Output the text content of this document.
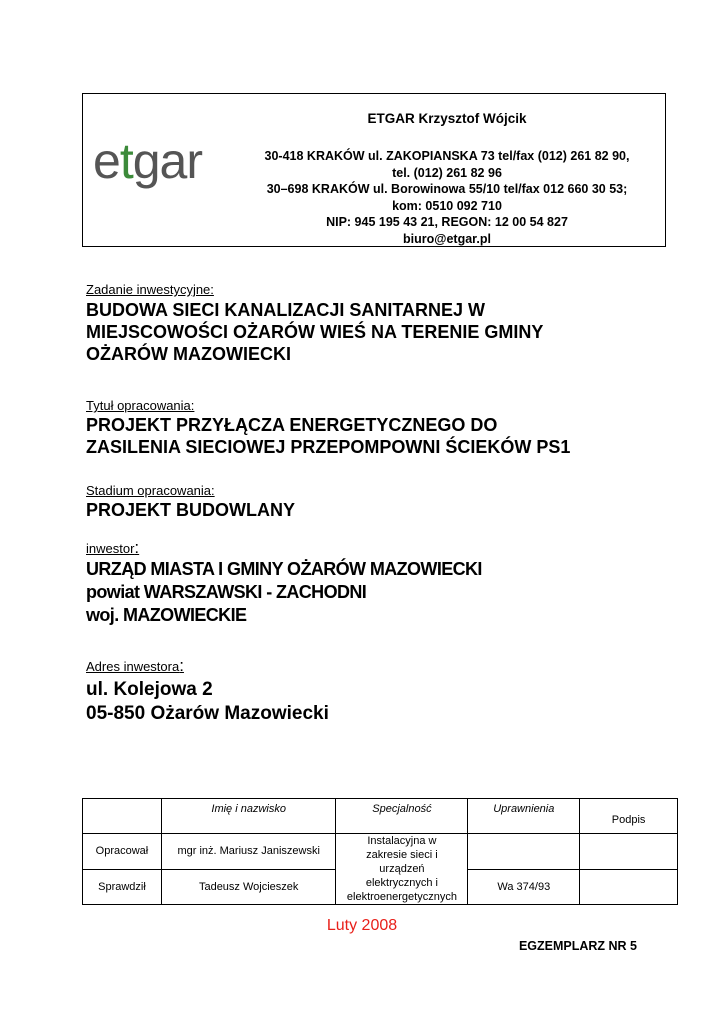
etgar
ETGAR Krzysztof Wójcik
30-418 KRAKÓW ul. ZAKOPIANSKA 73 tel/fax (012) 261 82 90,
tel. (012) 261 82 96
30–698 KRAKÓW ul. Borowinowa 55/10 tel/fax 012 660 30 53;
kom: 0510 092 710
NIP: 945 195 43 21, REGON: 12 00 54 827
biuro@etgar.pl
Zadanie inwestycyjne:
BUDOWA SIECI KANALIZACJI SANITARNEJ W
MIEJSCOWOŚCI OŻARÓW WIEŚ NA TERENIE GMINY
OŻARÓW MAZOWIECKI
Tytuł opracowania:
PROJEKT PRZYŁĄCZA ENERGETYCZNEGO DO
ZASILENIA SIECIOWEJ PRZEPOMPOWNI ŚCIEKÓW PS1
Stadium opracowania:
PROJEKT BUDOWLANY
inwestor:
URZĄD MIASTA I GMINY OŻARÓW MAZOWIECKI
powiat WARSZAWSKI - ZACHODNI
woj. MAZOWIECKIE
Adres inwestora:
ul. Kolejowa 2
05-850 Ożarów Mazowiecki
	Imię i nazwisko	Specjalność	Uprawnienia	Podpis
Opracował	mgr inż. Mariusz Janiszewski	Instalacyjna w
zakresie sieci i
urządzeń
elektrycznych i
elektroenergetycznych		

Sprawdził	Tadeusz Wojcieszek		Wa 374/93	
Luty 2008
EGZEMPLARZ NR 5
